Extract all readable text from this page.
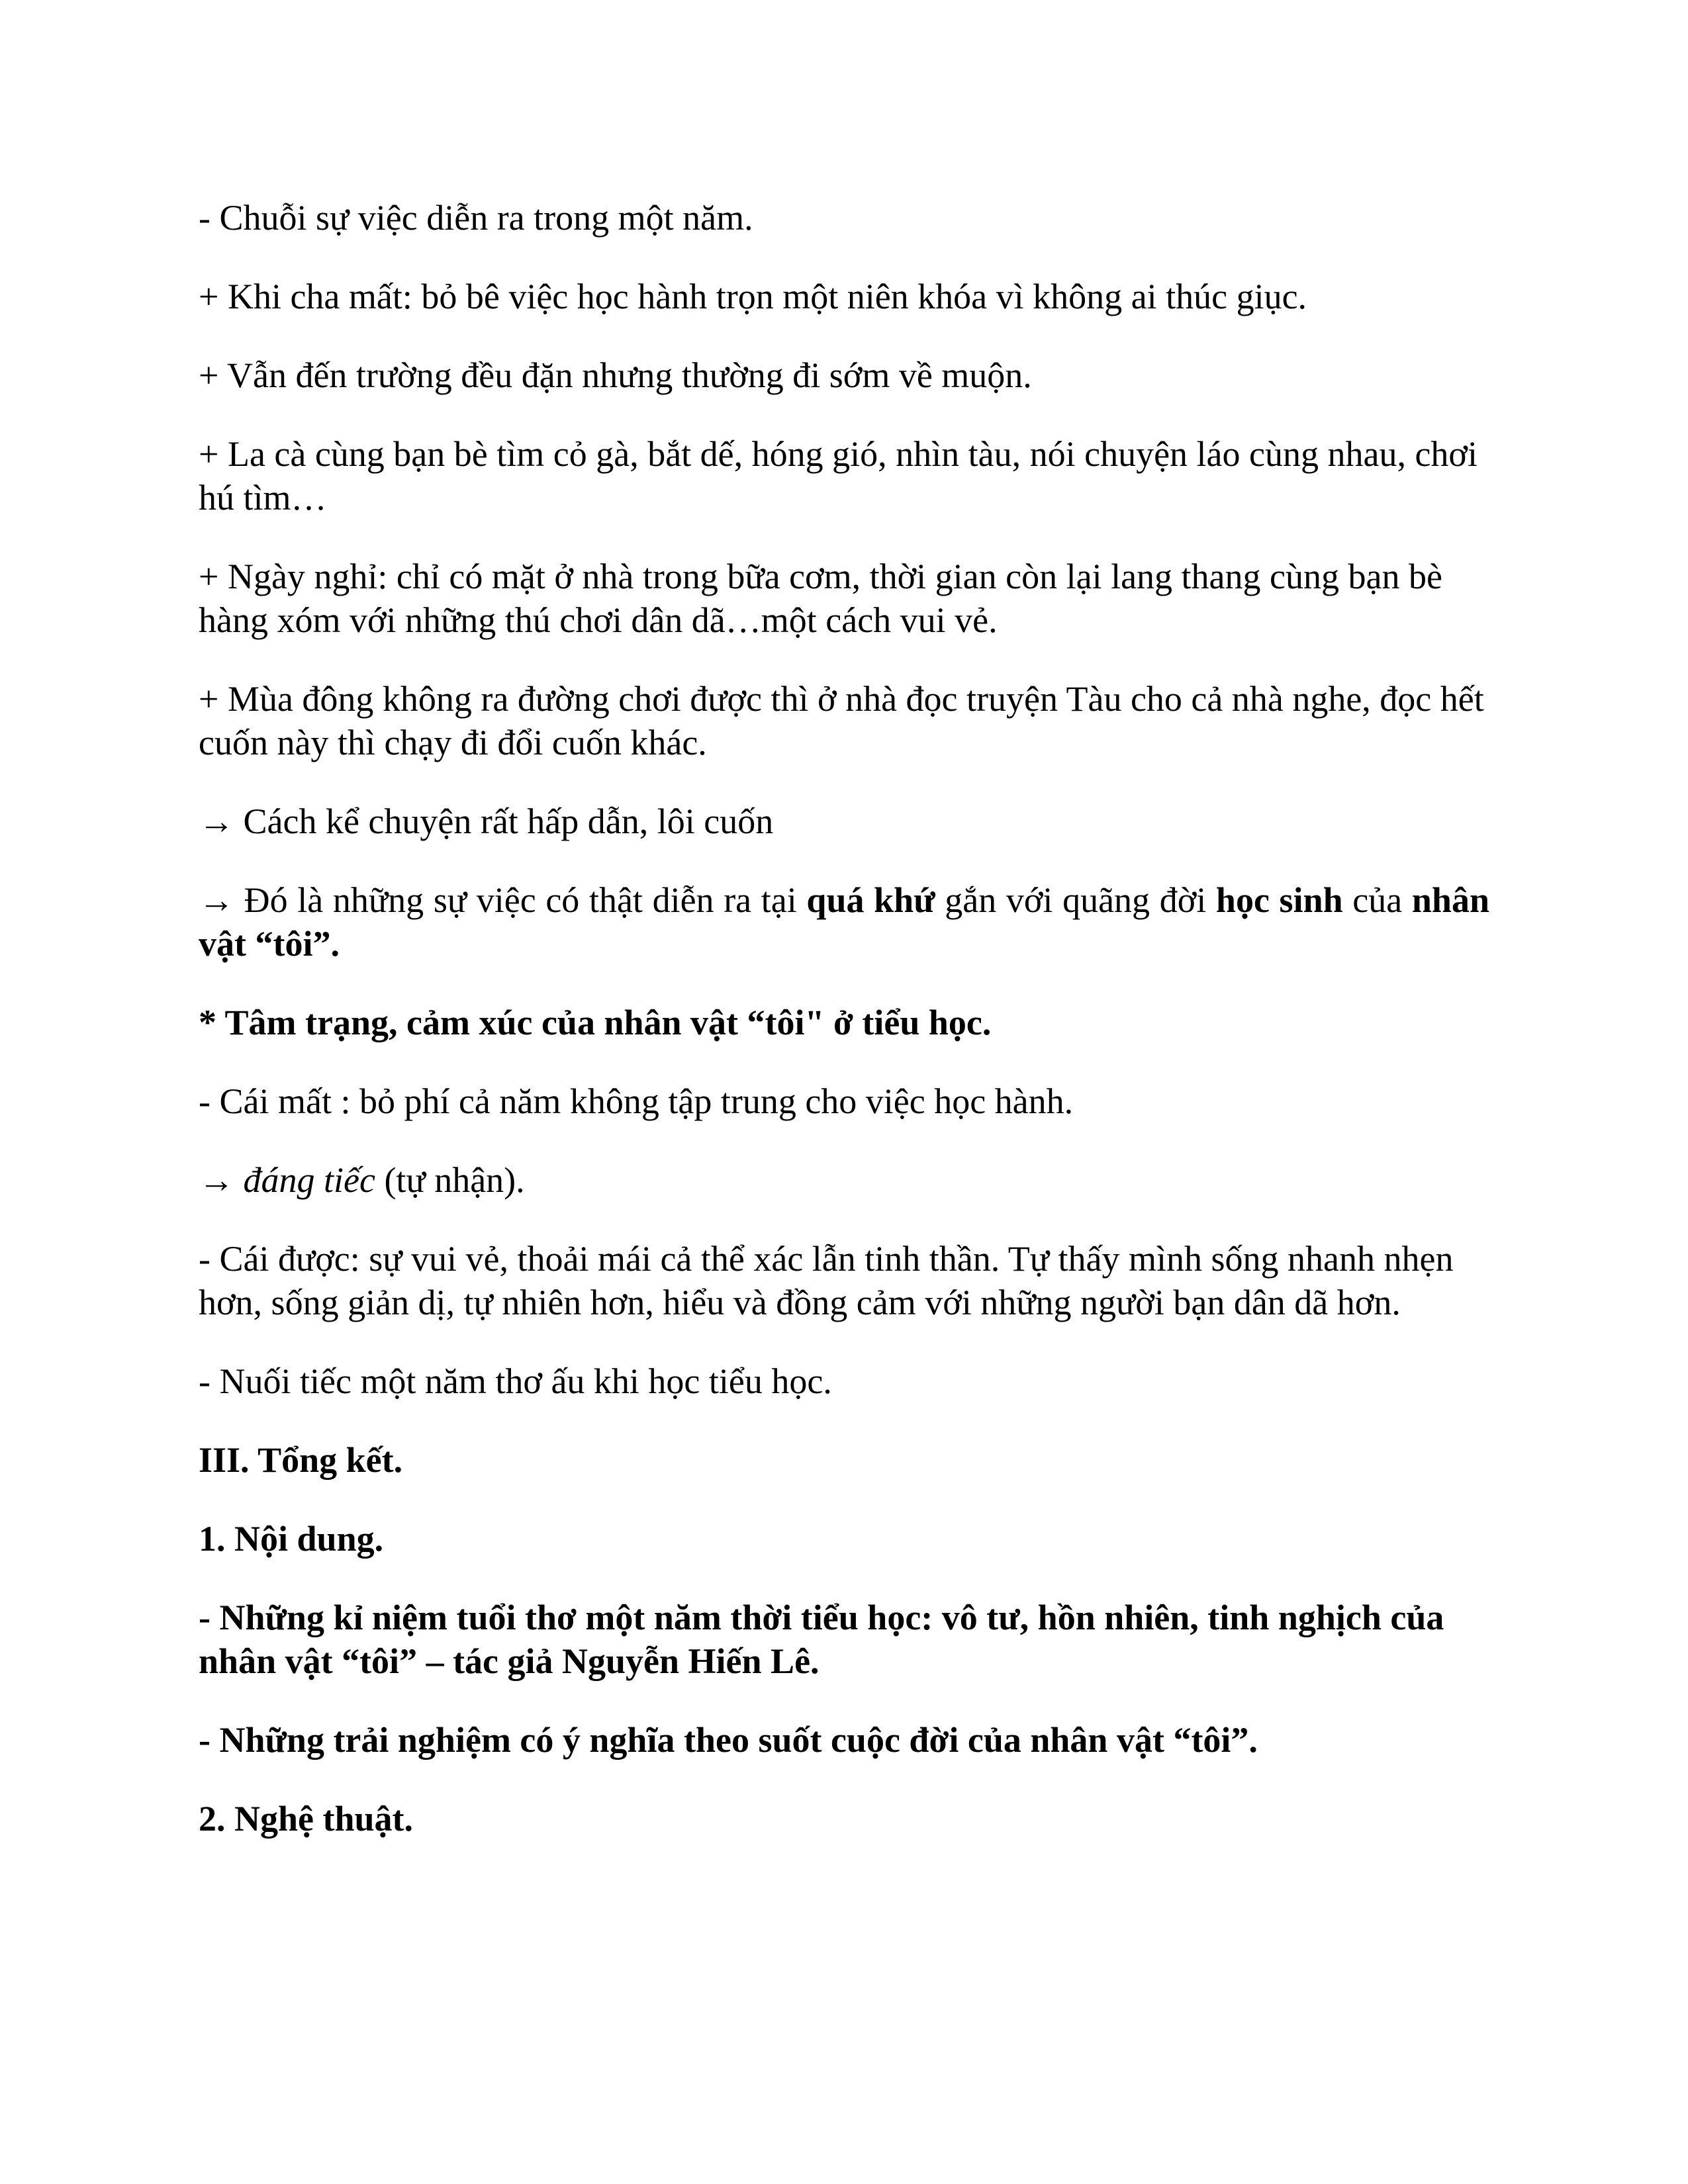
- Chuỗi sự việc diễn ra trong một năm.

+ Khi cha mất: bỏ bê việc học hành trọn một niên khóa vì không ai thúc giục.

+ Vẫn đến trường đều đặn nhưng thường đi sớm về muộn.

+ La cà cùng bạn bè tìm cỏ gà, bắt dế, hóng gió, nhìn tàu, nói chuyện láo cùng nhau, chơi hú tìm…

+ Ngày nghỉ: chỉ có mặt ở nhà trong bữa cơm, thời gian còn lại lang thang cùng bạn bè hàng xóm với những thú chơi dân dã…một cách vui vẻ.

+ Mùa đông không ra đường chơi được thì ở nhà đọc truyện Tàu cho cả nhà nghe, đọc hết cuốn này thì chạy đi đổi cuốn khác.

→ Cách kể chuyện rất hấp dẫn, lôi cuốn

→ Đó là những sự việc có thật diễn ra tại quá khứ gắn với quãng đời học sinh của nhân vật “tôi”.

* Tâm trạng, cảm xúc của nhân vật “tôi" ở tiểu học.

- Cái mất : bỏ phí cả năm không tập trung cho việc học hành.

→ đáng tiếc (tự nhận).

- Cái được: sự vui vẻ, thoải mái cả thể xác lẫn tinh thần. Tự thấy mình sống nhanh nhẹn hơn, sống giản dị, tự nhiên hơn, hiểu và đồng cảm với những người bạn dân dã hơn.

- Nuối tiếc một năm thơ ấu khi học tiểu học.

III. Tổng kết.

1. Nội dung.

- Những kỉ niệm tuổi thơ một năm thời tiểu học: vô tư, hồn nhiên, tinh nghịch của nhân vật “tôi” – tác giả Nguyễn Hiến Lê.

- Những trải nghiệm có ý nghĩa theo suốt cuộc đời của nhân vật “tôi”.

2. Nghệ thuật.
